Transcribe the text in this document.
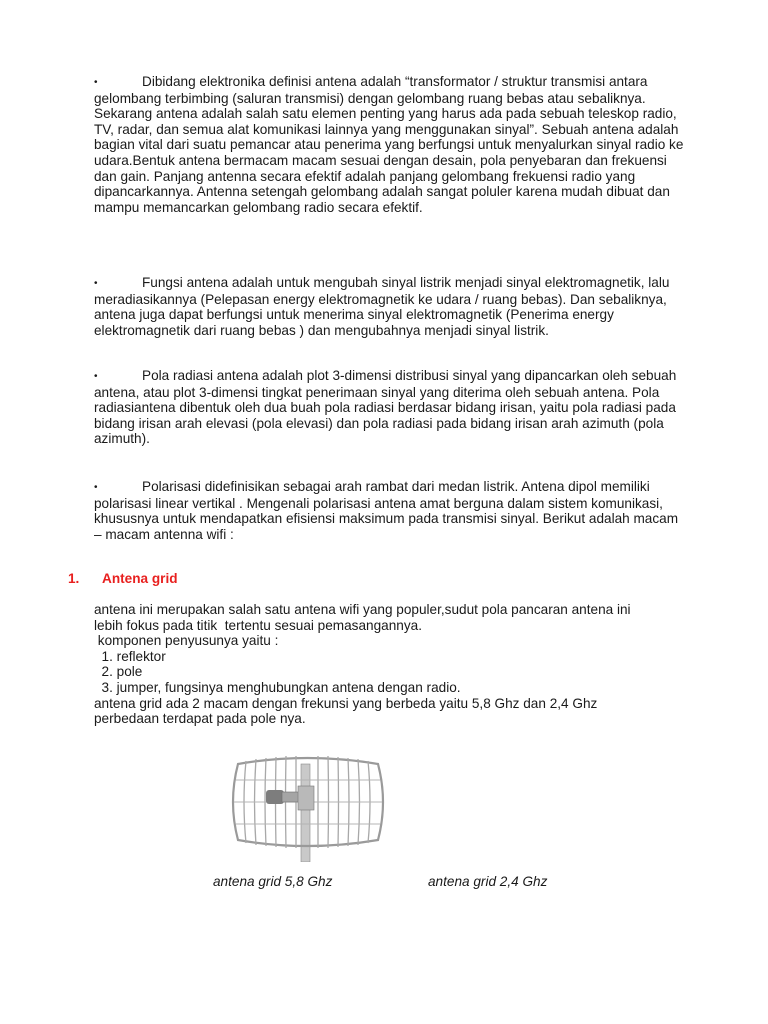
•	Dibidang elektronika definisi antena adalah “transformator / struktur transmisi antara gelombang terbimbing (saluran transmisi) dengan gelombang ruang bebas atau sebaliknya. Sekarang antena adalah salah satu elemen penting yang harus ada pada sebuah teleskop radio, TV, radar, dan semua alat komunikasi lainnya yang menggunakan sinyal”. Sebuah antena adalah bagian vital dari suatu pemancar atau penerima yang berfungsi untuk menyalurkan sinyal radio ke udara.Bentuk antena bermacam macam sesuai dengan desain, pola penyebaran dan frekuensi dan gain. Panjang antenna secara efektif adalah panjang gelombang frekuensi radio yang dipancarkannya. Antenna setengah gelombang adalah sangat poluler karena mudah dibuat dan mampu memancarkan gelombang radio secara efektif.

•	Fungsi antena adalah untuk mengubah sinyal listrik menjadi sinyal elektromagnetik, lalu meradiasikannya (Pelepasan energy elektromagnetik ke udara / ruang bebas). Dan sebaliknya, antena juga dapat berfungsi untuk menerima sinyal elektromagnetik (Penerima energy elektromagnetik dari ruang bebas ) dan mengubahnya menjadi sinyal listrik.

•	Pola radiasi antena adalah plot 3-dimensi distribusi sinyal yang dipancarkan oleh sebuah antena, atau plot 3-dimensi tingkat penerimaan sinyal yang diterima oleh sebuah antena. Pola radiasiantena dibentuk oleh dua buah pola radiasi berdasar bidang irisan, yaitu pola radiasi pada bidang irisan arah elevasi (pola elevasi) dan pola radiasi pada bidang irisan arah azimuth (pola azimuth).

•	Polarisasi didefinisikan sebagai arah rambat dari medan listrik. Antena dipol memiliki polarisasi linear vertikal . Mengenali polarisasi antena amat berguna dalam sistem komunikasi, khususnya untuk mendapatkan efisiensi maksimum pada transmisi sinyal. Berikut adalah macam – macam antenna wifi :

1. Antena grid
antena ini merupakan salah satu antena wifi yang populer,sudut pola pancaran antena ini
lebih fokus pada titik  tertentu sesuai pemasangannya.
komponen penyusunya yaitu :
1. reflektor
2. pole
3. jumper, fungsinya menghubungkan antena dengan radio.
antena grid ada 2 macam dengan frekunsi yang berbeda yaitu 5,8 Ghz dan 2,4 Ghz
perbedaan terdapat pada pole nya.
antena grid 5,8 Ghz	antena grid 2,4 Ghz
